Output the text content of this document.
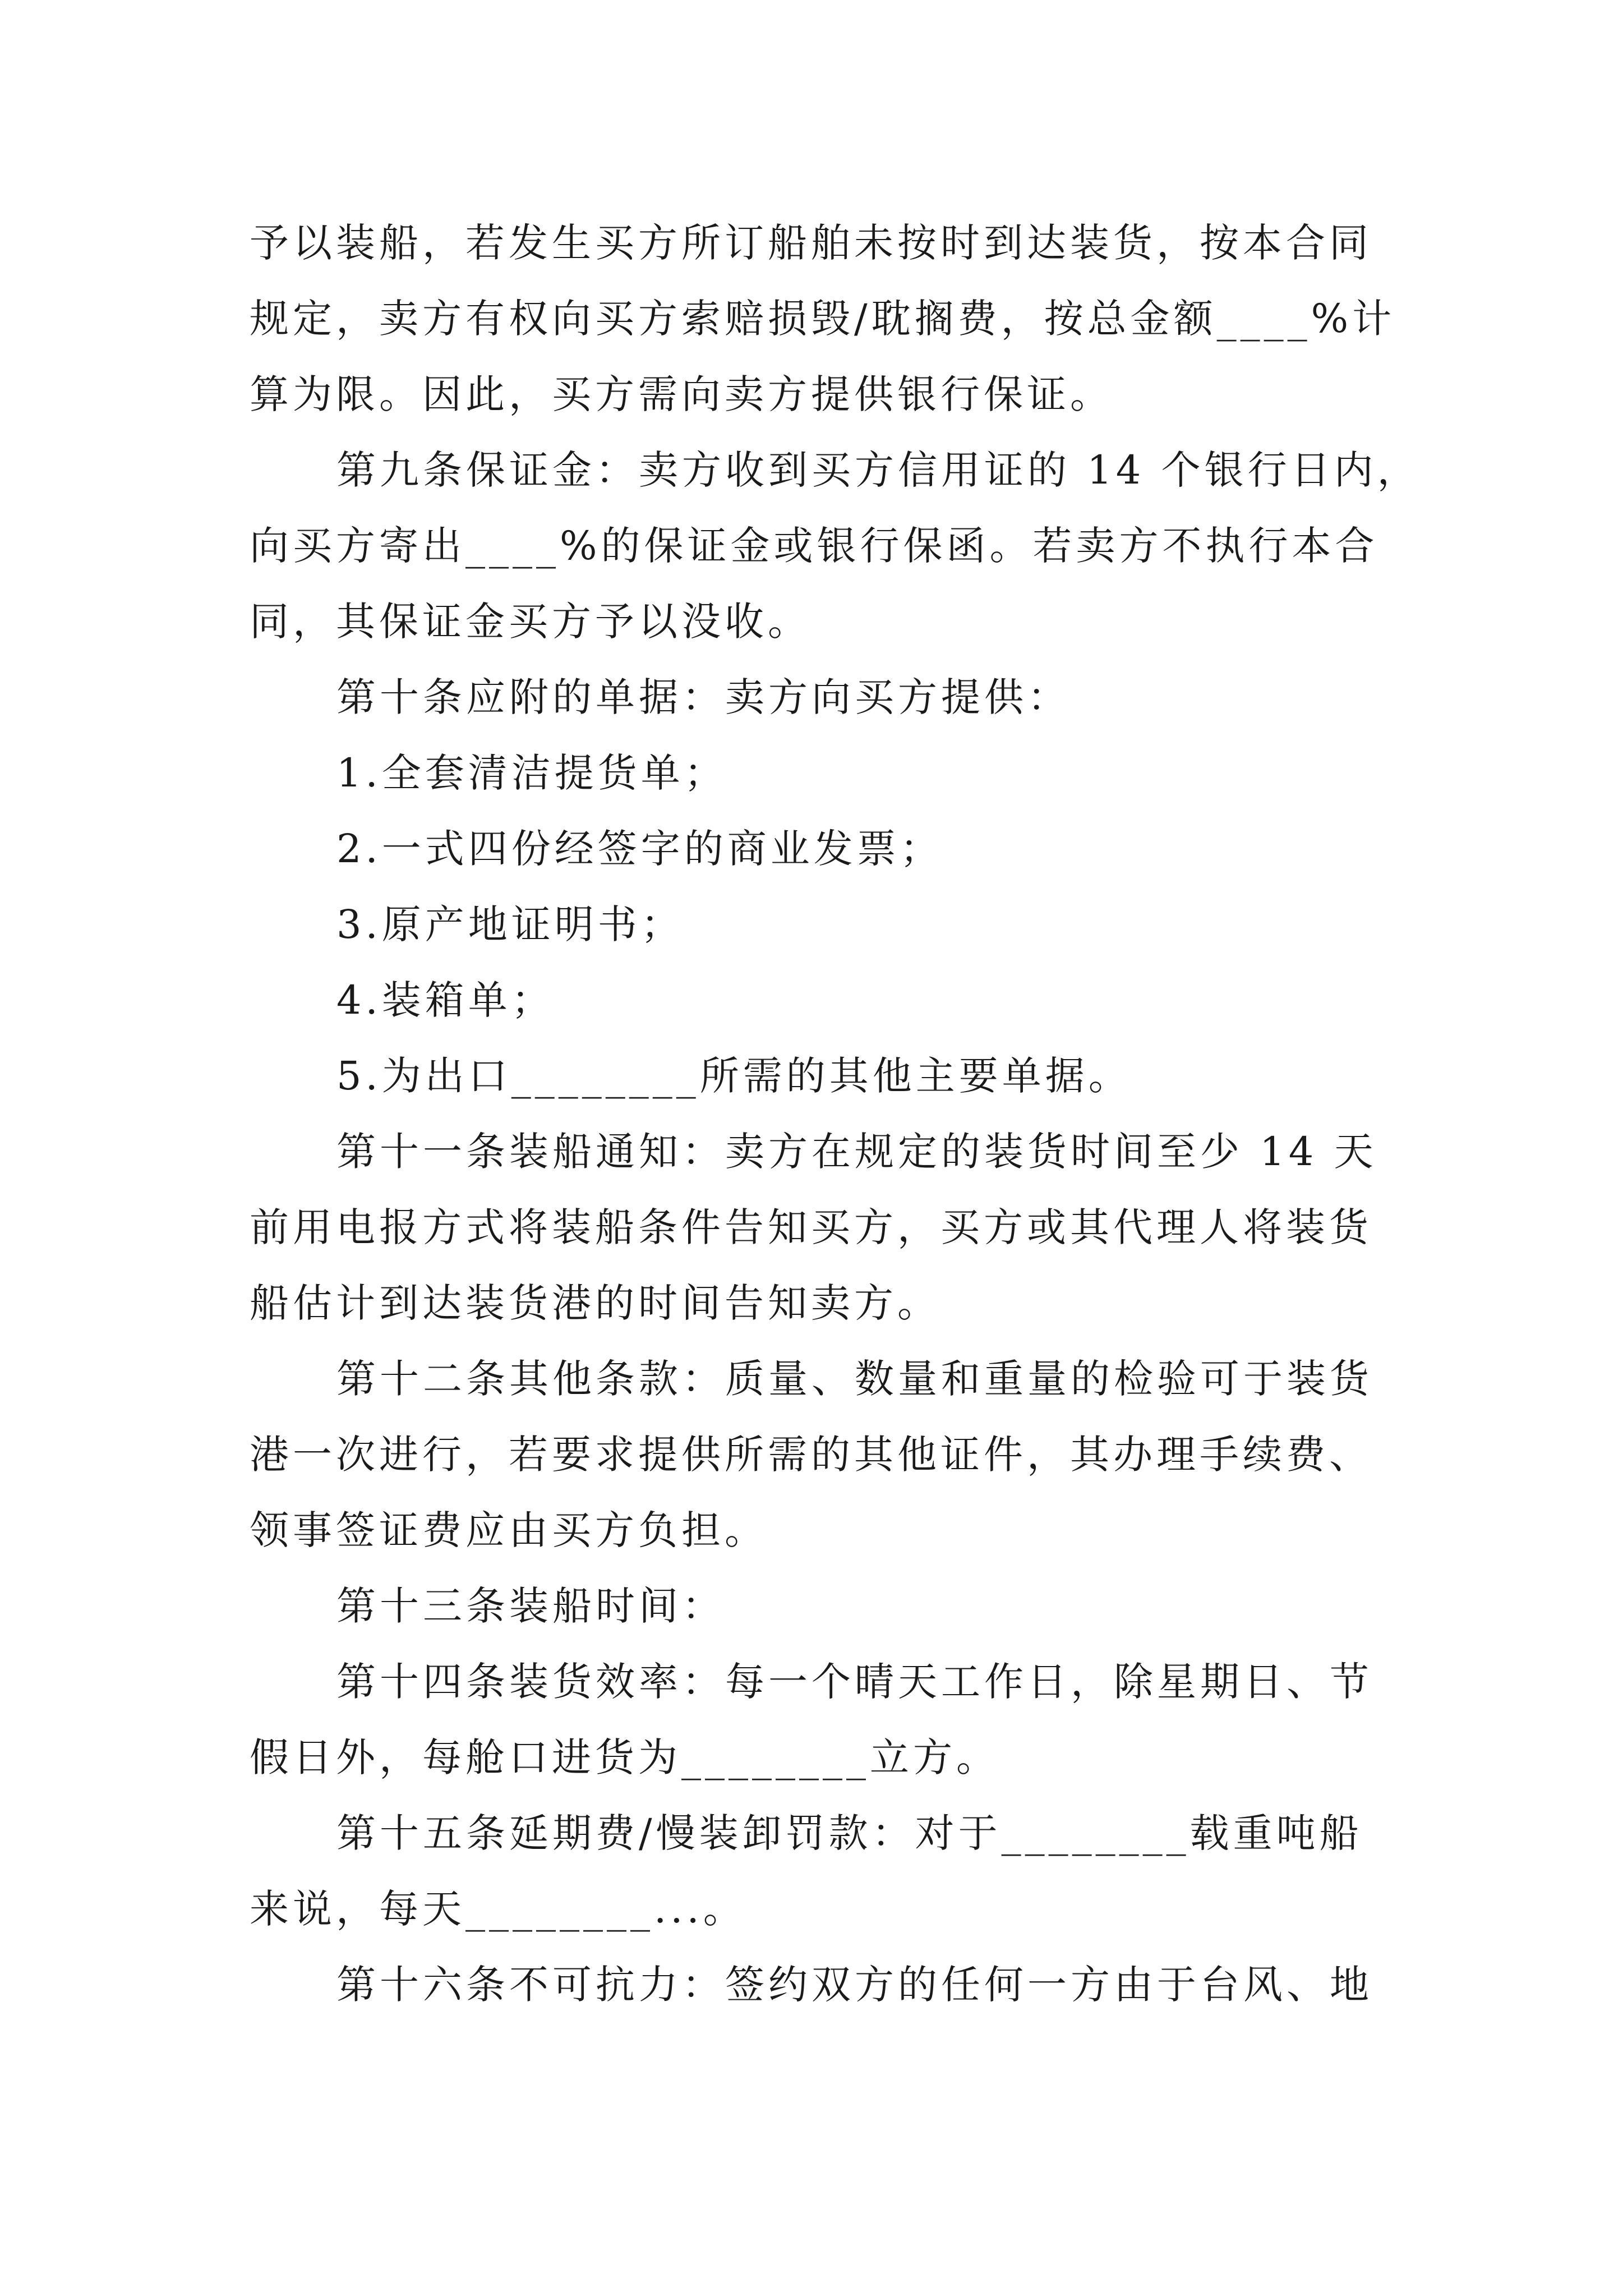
予以装船，若发生买方所订船舶未按时到达装货，按本合同
规定，卖方有权向买方索赔损毁/耽搁费，按总金额____%计
算为限。因此，买方需向卖方提供银行保证。
第九条保证金：卖方收到买方信用证的 14 个银行日内，
向买方寄出____%的保证金或银行保函。若卖方不执行本合
同，其保证金买方予以没收。
第十条应附的单据：卖方向买方提供：
1.全套清洁提货单；
2.一式四份经签字的商业发票；
3.原产地证明书；
4.装箱单；
5.为出口________所需的其他主要单据。
第十一条装船通知：卖方在规定的装货时间至少 14 天
前用电报方式将装船条件告知买方，买方或其代理人将装货
船估计到达装货港的时间告知卖方。
第十二条其他条款：质量、数量和重量的检验可于装货
港一次进行，若要求提供所需的其他证件，其办理手续费、
领事签证费应由买方负担。
第十三条装船时间：
第十四条装货效率：每一个晴天工作日，除星期日、节
假日外，每舱口进货为________立方。
第十五条延期费/慢装卸罚款：对于________载重吨船
来说，每天________...。
第十六条不可抗力：签约双方的任何一方由于台风、地
